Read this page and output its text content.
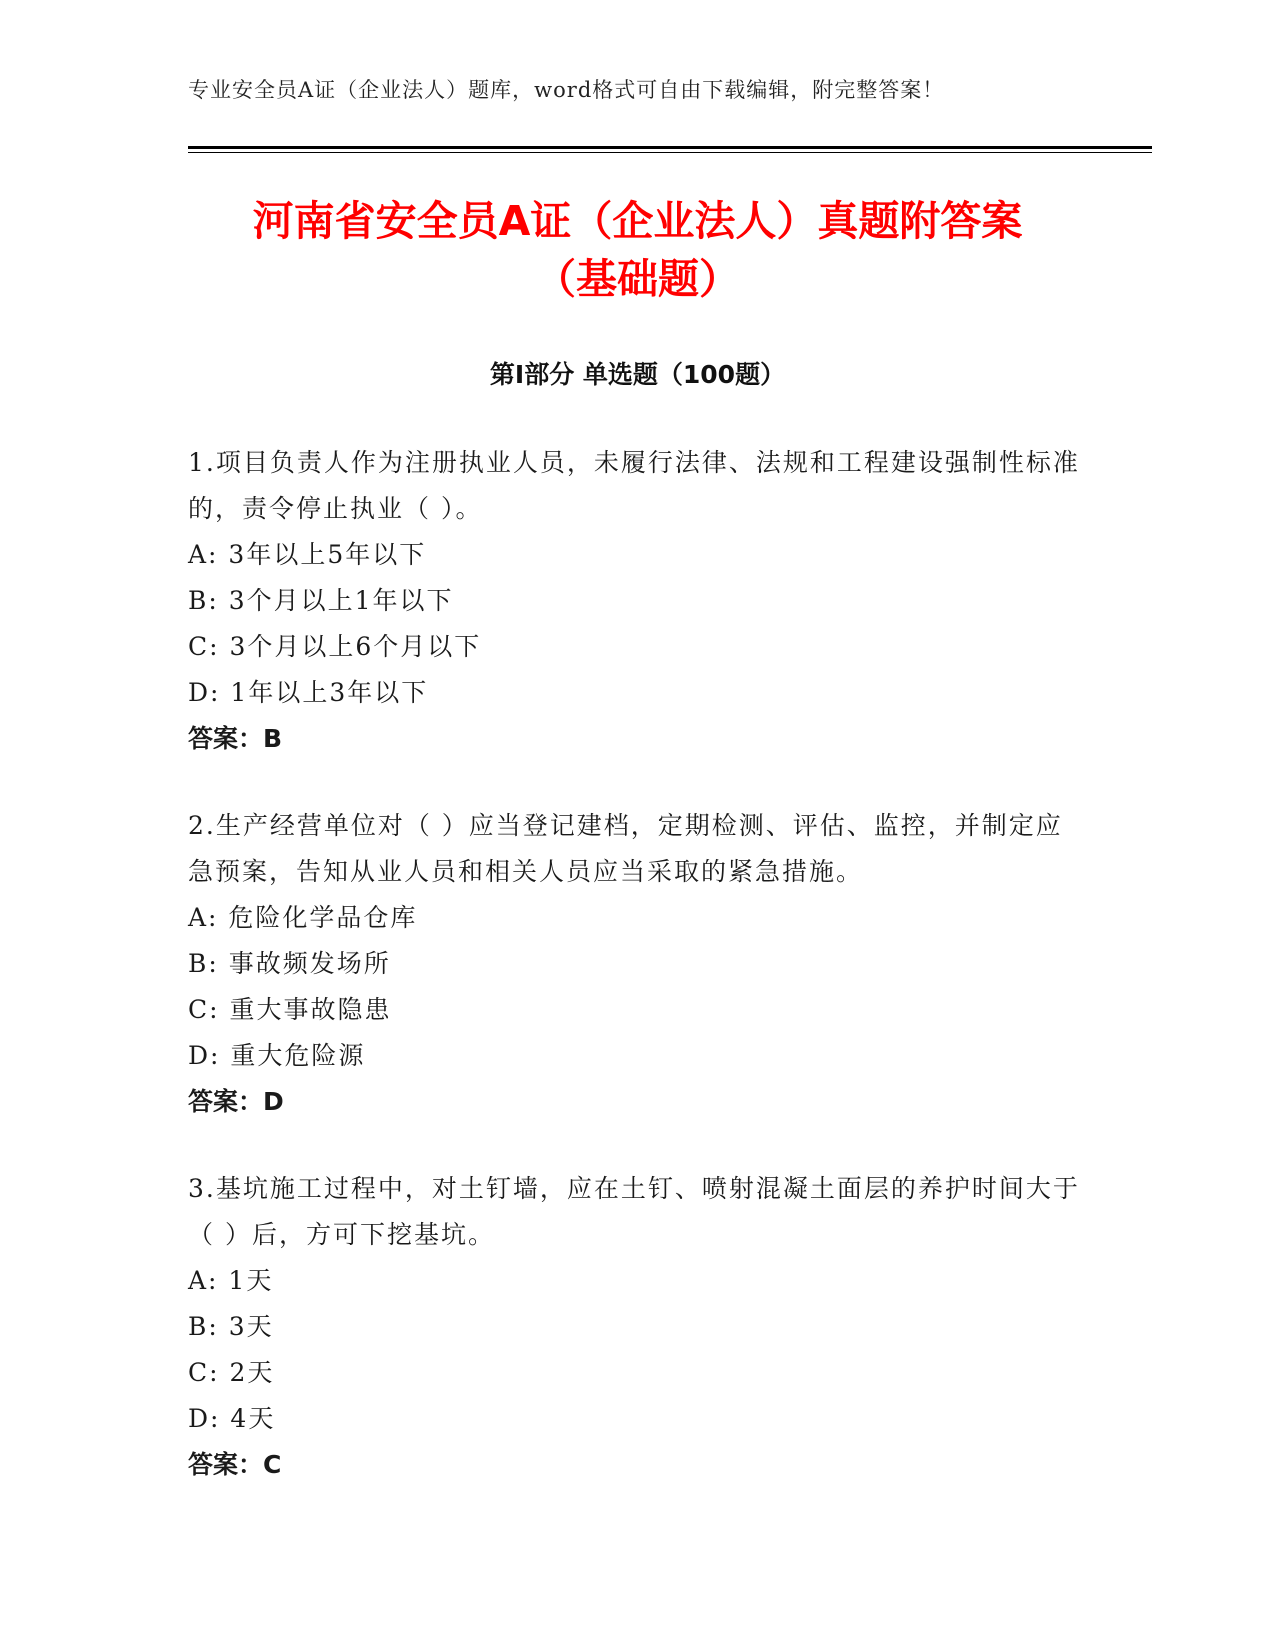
专业安全员A证（企业法人）题库，word格式可自由下载编辑，附完整答案！
河南省安全员A证（企业法人）真题附答案
（基础题）
第I部分 单选题（100题）

1.项目负责人作为注册执业人员，未履行法律、法规和工程建设强制性标准的，责令停止执业（ ）。

A: 3年以上5年以下

B: 3个月以上1年以下

C: 3个月以上6个月以下

D: 1年以上3年以下

答案：B

2.生产经营单位对（ ）应当登记建档，定期检测、评估、监控，并制定应急预案，告知从业人员和相关人员应当采取的紧急措施。

A: 危险化学品仓库

B: 事故频发场所

C: 重大事故隐患

D: 重大危险源

答案：D

3.基坑施工过程中，对土钉墙，应在土钉、喷射混凝土面层的养护时间大于（ ）后，方可下挖基坑。

A: 1天

B: 3天

C: 2天

D: 4天

答案：C
